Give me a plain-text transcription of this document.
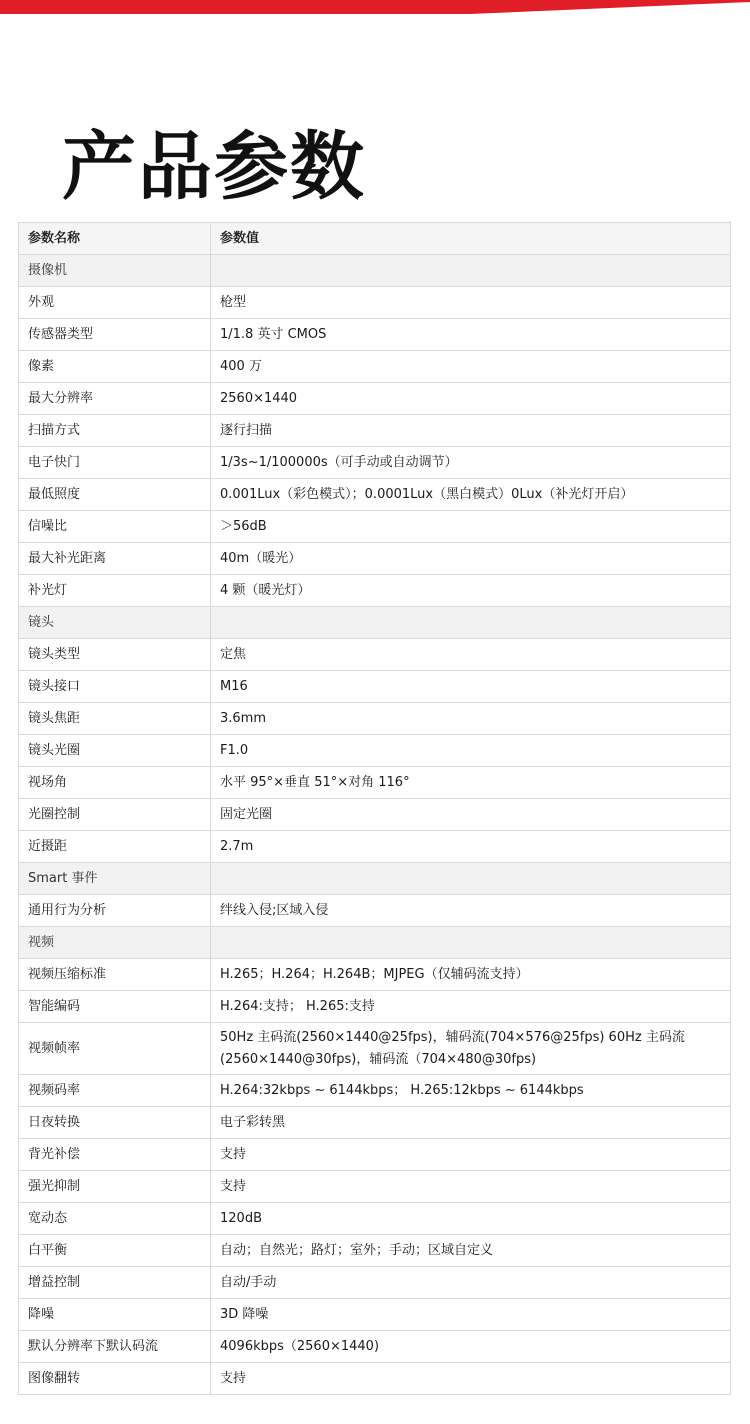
产品参数
参数名称	参数值
摄像机	
外观	枪型
传感器类型	1/1.8 英寸 CMOS
像素	400 万
最大分辨率	2560×1440
扫描方式	逐行扫描
电子快门	1/3s~1/100000s（可手动或自动调节）
最低照度	0.001Lux（彩色模式）；0.0001Lux（黑白模式）0Lux（补光灯开启）
信噪比	＞56dB
最大补光距离	40m（暖光）
补光灯	4 颗（暖光灯）
镜头	
镜头类型	定焦
镜头接口	M16
镜头焦距	3.6mm
镜头光圈	F1.0
视场角	水平 95°×垂直 51°×对角 116°
光圈控制	固定光圈
近摄距	2.7m
Smart 事件	
通用行为分析	绊线入侵;区域入侵
视频	
视频压缩标准	H.265；H.264；H.264B；MJPEG（仅辅码流支持）
智能编码	H.264:支持； H.265:支持
视频帧率	50Hz 主码流(2560×1440@25fps)，辅码流(704×576@25fps) 60Hz 主码流(2560×1440@30fps)，辅码流（704×480@30fps)
视频码率	H.264:32kbps ~ 6144kbps； H.265:12kbps ~ 6144kbps
日夜转换	电子彩转黑
背光补偿	支持
强光抑制	支持
宽动态	120dB
白平衡	自动；自然光；路灯；室外；手动；区域自定义
增益控制	自动/手动
降噪	3D 降噪
默认分辨率下默认码流	4096kbps（2560×1440)
图像翻转	支持
